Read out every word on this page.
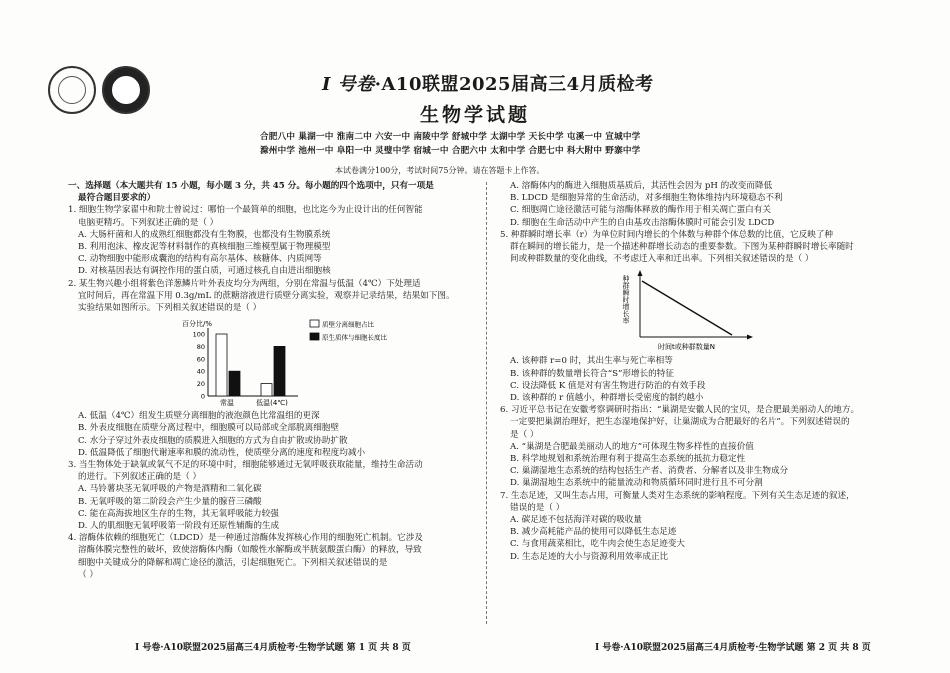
I 号卷·A10联盟2025届高三4月质检考
生物学试题
合肥八中 巢湖一中 淮南二中 六安一中 南陵中学 舒城中学 太湖中学 天长中学 屯溪一中 宣城中学
滁州中学 池州一中 阜阳一中 灵璧中学 宿城一中 合肥六中 太和中学 合肥七中 科大附中 野寨中学
本试卷满分100分，考试时间75分钟。请在答题卡上作答。
一、选择题（本大题共有 15 小题，每小题 3 分，共 45 分。每小题的四个选项中，只有一项是
最符合题目要求的）
1. 细胞生物学家翟中和院士曾说过：哪怕一个最简单的细胞，也比迄今为止设计出的任何智能
电脑更精巧。下列叙述正确的是（ ）
A. 大肠杆菌和人的成熟红细胞都没有生物膜，也都没有生物膜系统
B. 利用泡沫、橡皮泥等材料制作的真核细胞三维模型属于物理模型
C. 动物细胞中能形成囊泡的结构有高尔基体、核糖体、内质网等
D. 对核基因表达有调控作用的蛋白质，可通过核孔自由进出细胞核
2. 某生物兴趣小组将紫色洋葱鳞片叶外表皮均分为两组，分别在常温与低温（4℃）下处理适
宜时间后，再在常温下用 0.3g/mL 的蔗糖溶液进行质壁分离实验，观察并记录结果，结果如下图。
实验结果如图所示。下列相关叙述错误的是（ ）
百分比/%
100
80
60
40
20
0
常温	低温(4℃)
质壁分离细胞占比
原生质体与细胞长度比
A. 低温（4℃）组发生质壁分离细胞的液泡颜色比常温组的更深
B. 外表皮细胞在质壁分离过程中，细胞膜可以局部或全部脱离细胞壁
C. 水分子穿过外表皮细胞的质膜进入细胞的方式为自由扩散或协助扩散
D. 低温降低了细胞代谢速率和膜的流动性，使质壁分离的速度和程度均减小
3. 当生物体处于缺氧或氧气不足的环境中时，细胞能够通过无氧呼吸获取能量，维持生命活动
的进行。下列叙述正确的是（ ）
A. 马铃薯块茎无氧呼吸的产物是酒精和二氧化碳
B. 无氧呼吸的第二阶段会产生少量的腺苷三磷酸
C. 能在高海拔地区生存的生物，其无氧呼吸能力较强
D. 人的肌细胞无氧呼吸第一阶段有还原性辅酶的生成
4. 溶酶体依赖的细胞死亡（LDCD）是一种通过溶酶体发挥核心作用的细胞死亡机制。它涉及
溶酶体膜完整性的破坏，致使溶酶体内酶（如酸性水解酶或半胱氨酸蛋白酶）的释放，导致
细胞中关键成分的降解和凋亡途径的激活，引起细胞死亡。下列相关叙述错误的是
（ ）
A. 溶酶体内的酶进入细胞质基质后，其活性会因为 pH 的改变而降低
B. LDCD 是细胞异常的生命活动，对多细胞生物体维持内环境稳态不利
C. 细胞凋亡途径激活可能与溶酶体释放的酶作用于相关凋亡蛋白有关
D. 细胞在生命活动中产生的自由基攻击溶酶体膜时可能会引发 LDCD
5. 种群瞬时增长率（r）为单位时间内增长的个体数与种群个体总数的比值，它反映了种
群在瞬间的增长能力，是一个描述种群增长动态的重要参数。下图为某种群瞬时增长率随时
间或种群数量的变化曲线，不考虑迁入率和迁出率。下列相关叙述错误的是（ ）
种群瞬时增长率
时间t或种群数量N
A. 该种群 r=0 时，其出生率与死亡率相等
B. 该种群的数量增长符合“S”形增长的特征
C. 设法降低 K 值是对有害生物进行防治的有效手段
D. 该种群的 r 值越小，种群增长受密度的制约越小
6. 习近平总书记在安徽考察调研时指出：“巢湖是安徽人民的宝贝，是合肥最美丽动人的地方。
一定要把巢湖治理好，把生态湿地保护好，让巢湖成为合肥最好的名片”。下列叙述错误的
是（ ）
A. “巢湖是合肥最美丽动人的地方”可体现生物多样性的直接价值
B. 科学地规划和系统治理有利于提高生态系统的抵抗力稳定性
C. 巢湖湿地生态系统的结构包括生产者、消费者、分解者以及非生物成分
D. 巢湖湿地生态系统中的能量流动和物质循环同时进行且不可分割
7. 生态足迹，又叫生态占用，可衡量人类对生态系统的影响程度。下列有关生态足迹的叙述，
错误的是（ ）
A. 碳足迹不包括海洋对碳的吸收量
B. 减少高耗能产品的使用可以降低生态足迹
C. 与食用蔬菜相比，吃牛肉会使生态足迹变大
D. 生态足迹的大小与资源利用效率成正比
I 号卷·A10联盟2025届高三4月质检考·生物学试题 第 1 页 共 8 页	I 号卷·A10联盟2025届高三4月质检考·生物学试题 第 2 页 共 8 页
